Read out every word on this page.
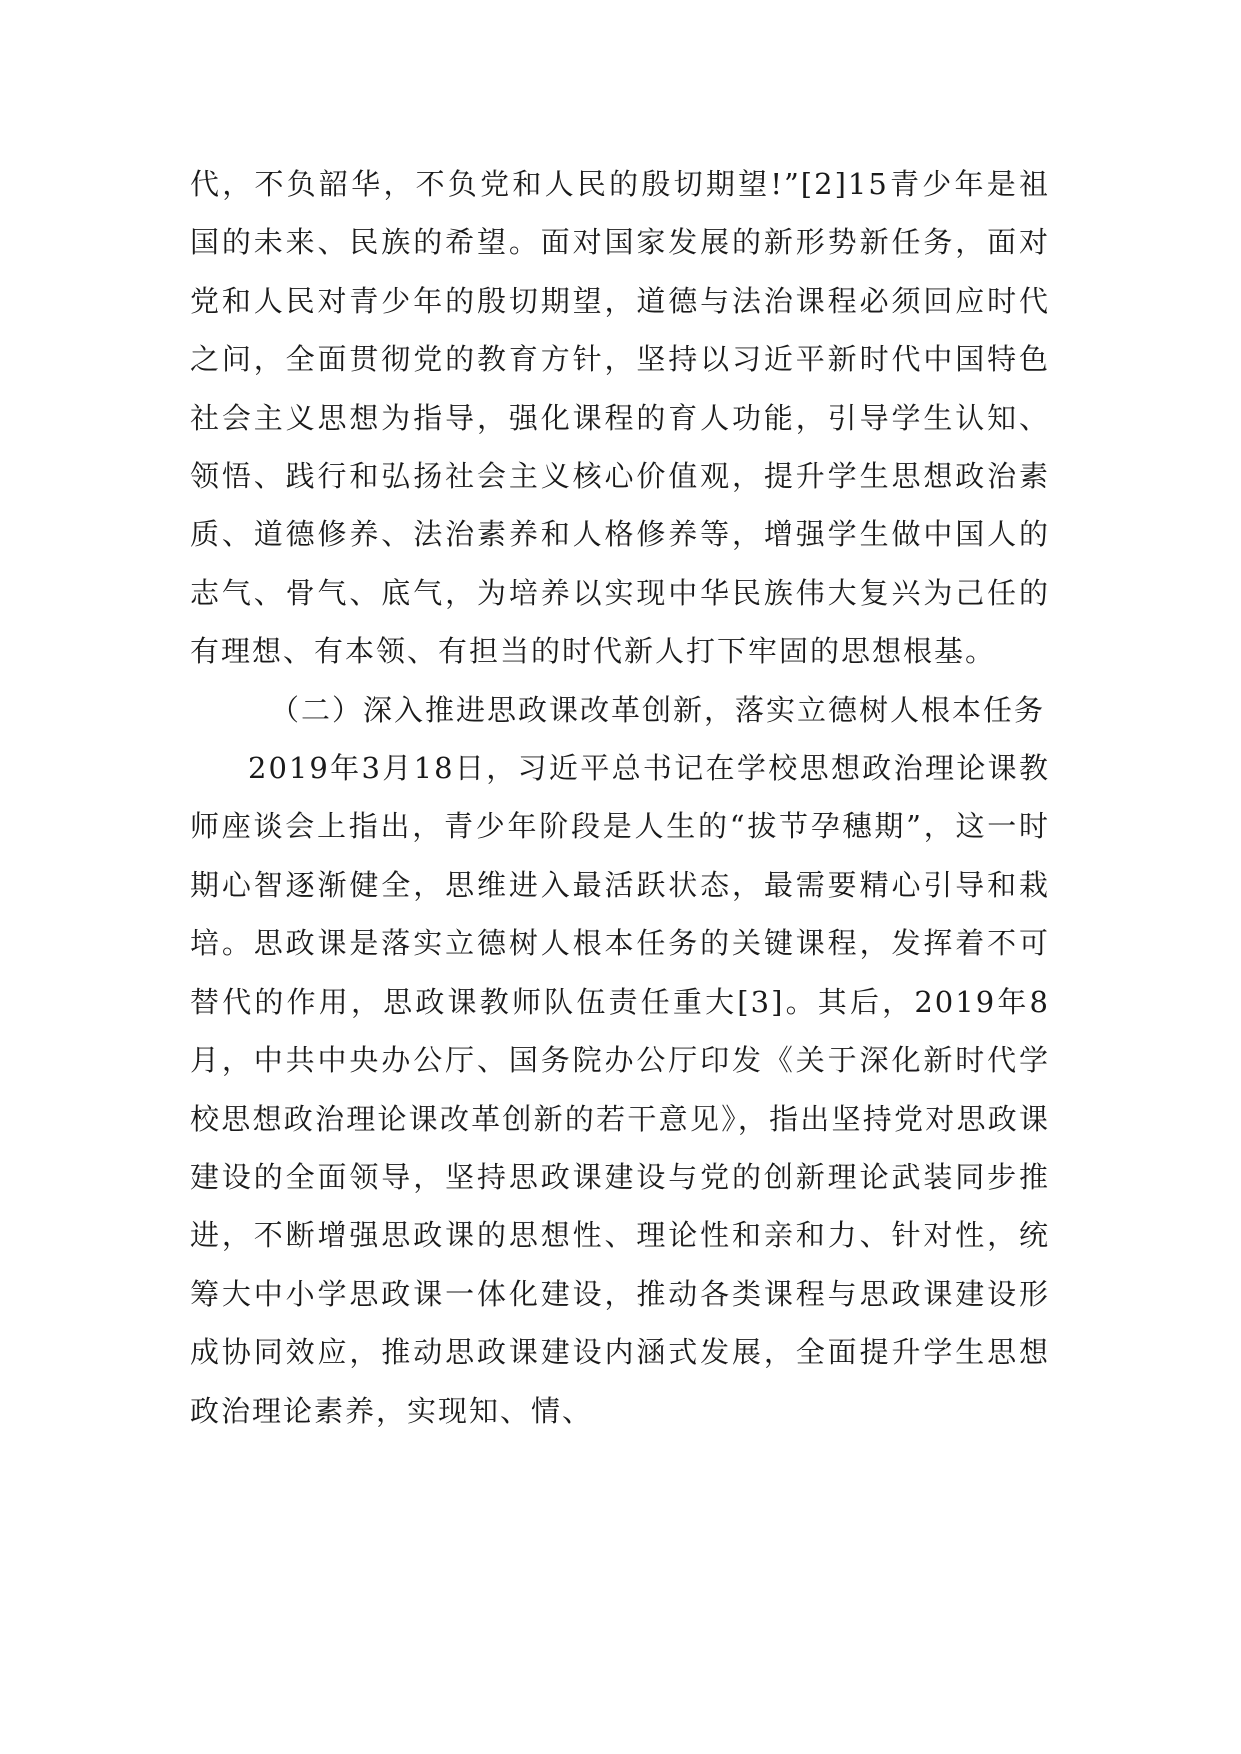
代，不负韶华，不负党和人民的殷切期望!”[2]15青少年是祖国的未来、民族的希望。面对国家发展的新形势新任务，面对党和人民对青少年的殷切期望，道德与法治课程必须回应时代之问，全面贯彻党的教育方针，坚持以习近平新时代中国特色社会主义思想为指导，强化课程的育人功能，引导学生认知、领悟、践行和弘扬社会主义核心价值观，提升学生思想政治素质、道德修养、法治素养和人格修养等，增强学生做中国人的志气、骨气、底气，为培养以实现中华民族伟大复兴为己任的有理想、有本领、有担当的时代新人打下牢固的思想根基。

（二）深入推进思政课改革创新，落实立德树人根本任务

2019年3月18日，习近平总书记在学校思想政治理论课教师座谈会上指出，青少年阶段是人生的“拔节孕穗期”，这一时期心智逐渐健全，思维进入最活跃状态，最需要精心引导和栽培。思政课是落实立德树人根本任务的关键课程，发挥着不可替代的作用，思政课教师队伍责任重大[3]。其后，2019年8月，中共中央办公厅、国务院办公厅印发《关于深化新时代学校思想政治理论课改革创新的若干意见》，指出坚持党对思政课建设的全面领导，坚持思政课建设与党的创新理论武装同步推进，不断增强思政课的思想性、理论性和亲和力、针对性，统筹大中小学思政课一体化建设，推动各类课程与思政课建设形成协同效应，推动思政课建设内涵式发展，全面提升学生思想政治理论素养，实现知、情、
